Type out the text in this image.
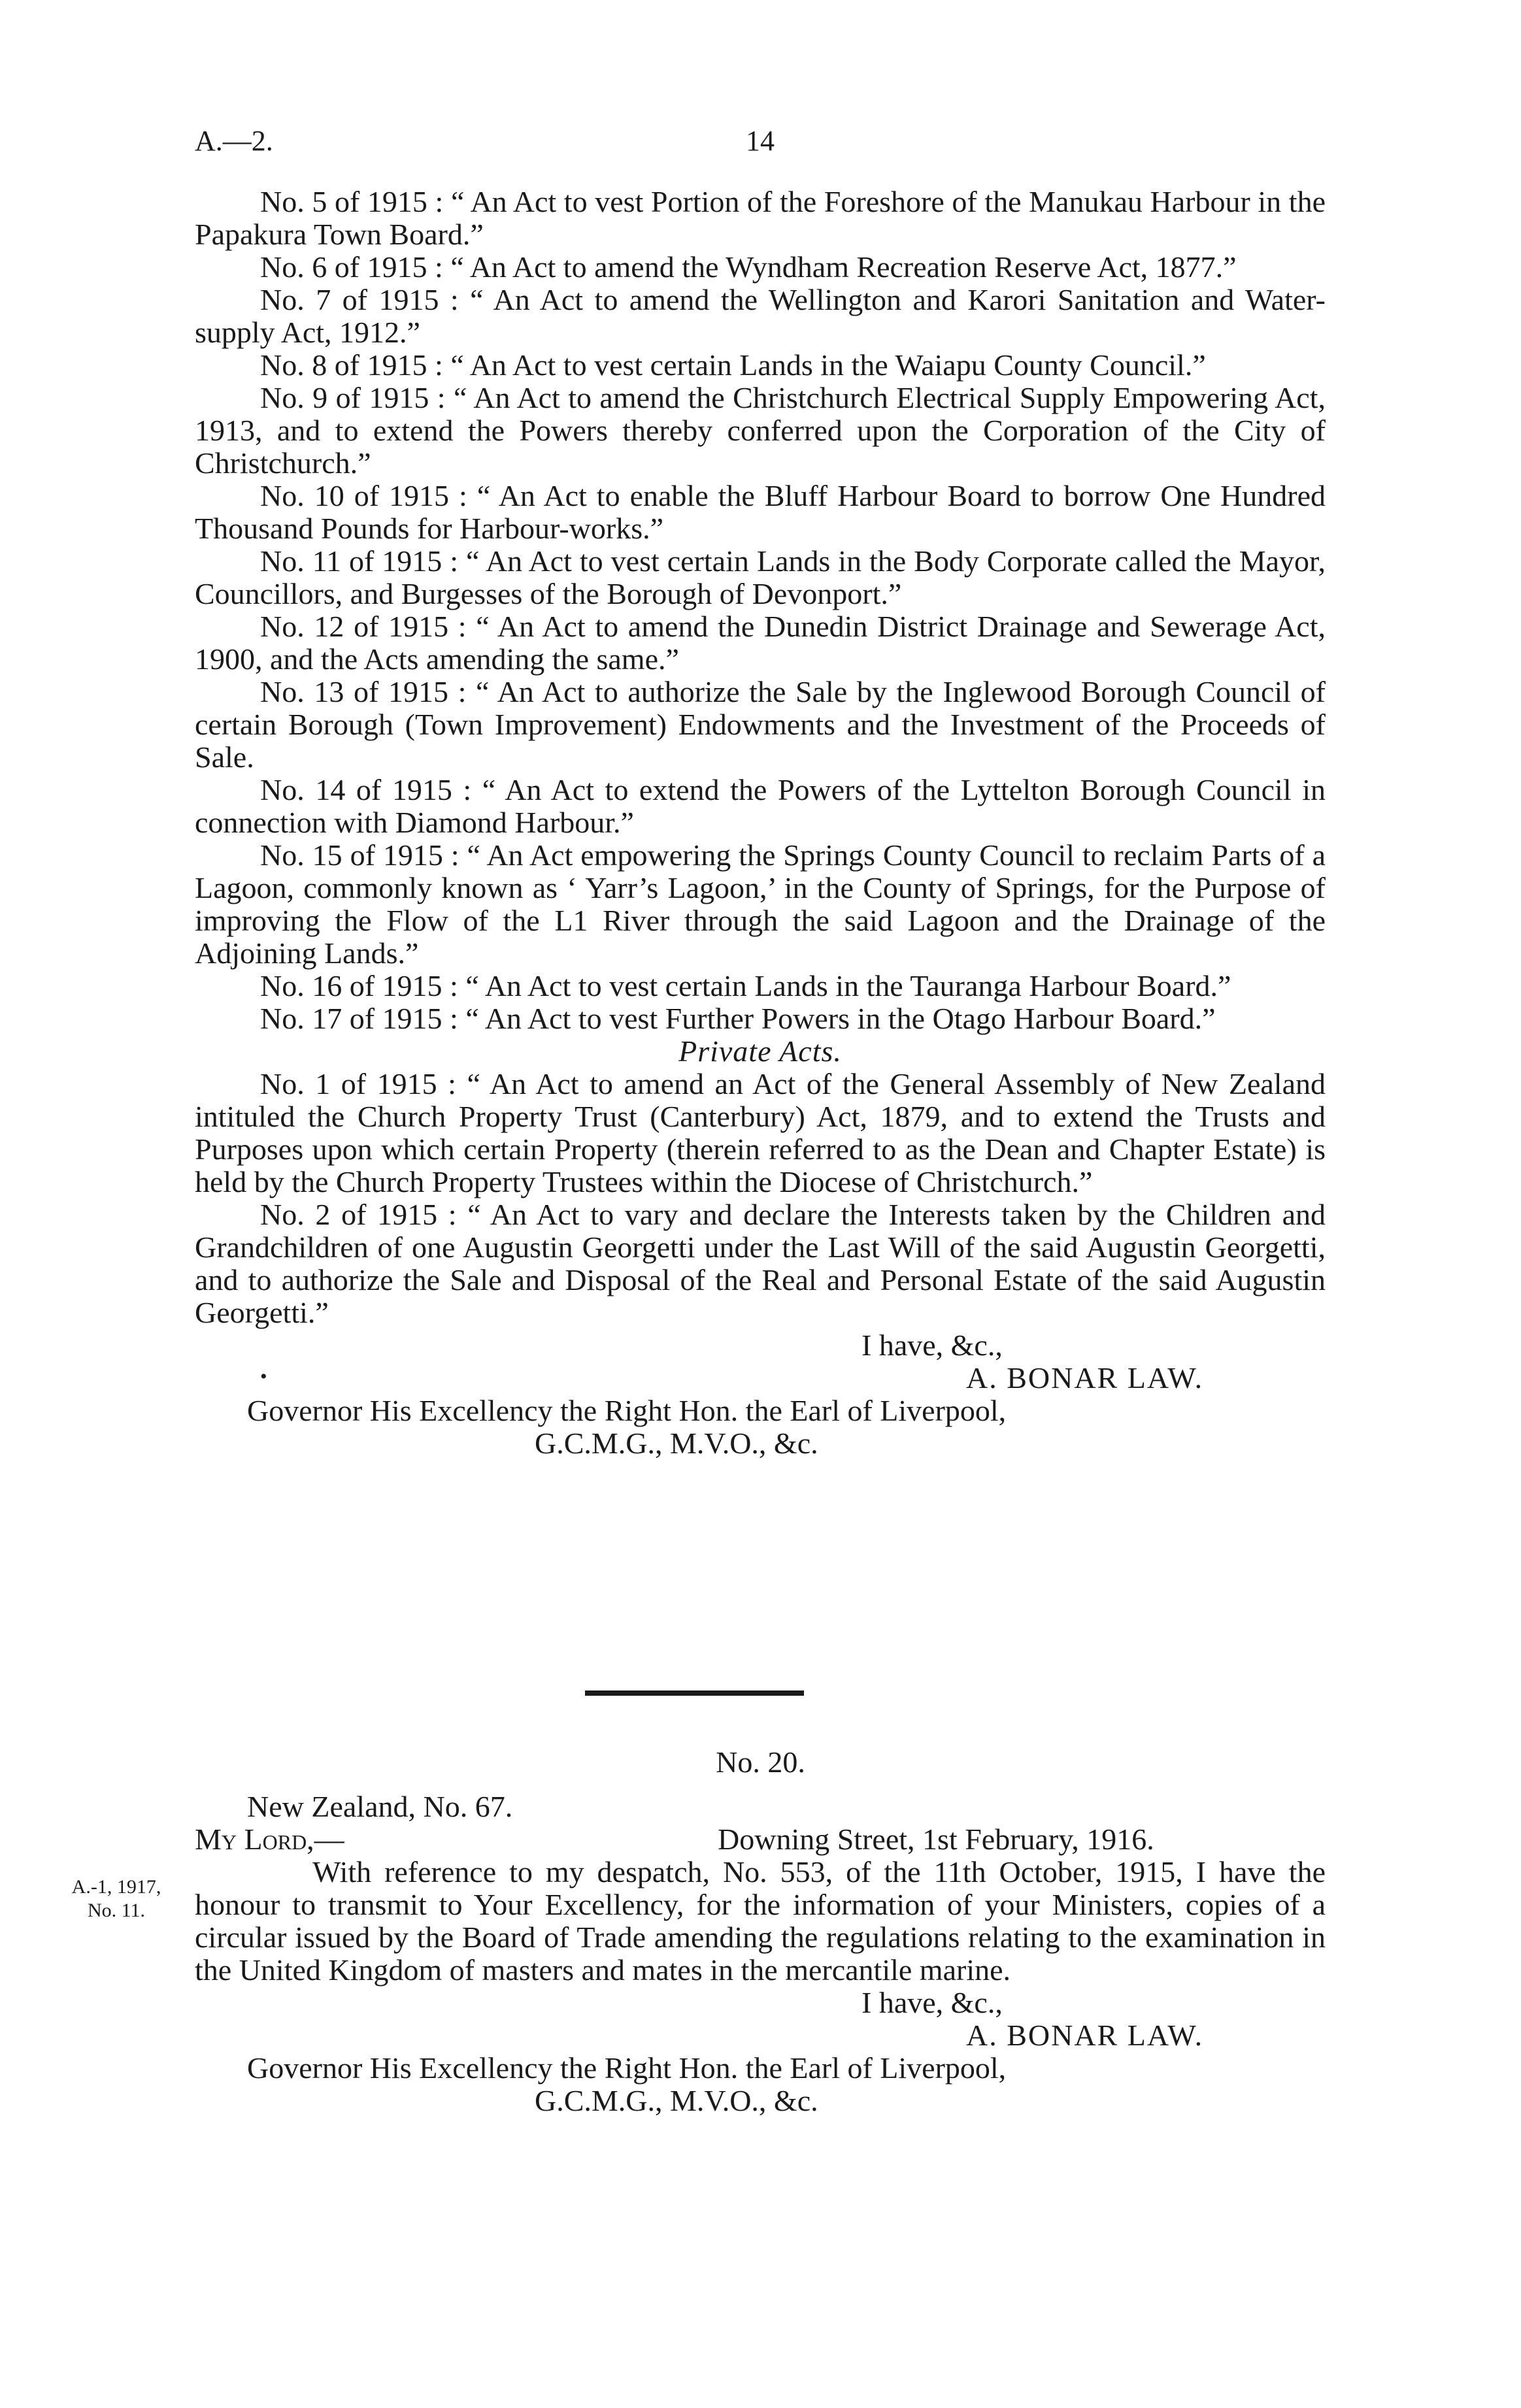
A.—2.	14

No. 5 of 1915 : “ An Act to vest Portion of the Foreshore of the Manukau Harbour in the Papakura Town Board.”

No. 6 of 1915 : “ An Act to amend the Wyndham Recreation Reserve Act, 1877.”

No. 7 of 1915 : “ An Act to amend the Wellington and Karori Sanitation and Water-supply Act, 1912.”

No. 8 of 1915 : “ An Act to vest certain Lands in the Waiapu County Council.”

No. 9 of 1915 : “ An Act to amend the Christchurch Electrical Supply Empowering Act, 1913, and to extend the Powers thereby conferred upon the Corporation of the City of Christchurch.”

No. 10 of 1915 : “ An Act to enable the Bluff Harbour Board to borrow One Hundred Thousand Pounds for Harbour-works.”

No. 11 of 1915 : “ An Act to vest certain Lands in the Body Corporate called the Mayor, Councillors, and Burgesses of the Borough of Devonport.”

No. 12 of 1915 : “ An Act to amend the Dunedin District Drainage and Sewerage Act, 1900, and the Acts amending the same.”

No. 13 of 1915 : “ An Act to authorize the Sale by the Inglewood Borough Council of certain Borough (Town Improvement) Endowments and the Investment of the Proceeds of Sale.

No. 14 of 1915 : “ An Act to extend the Powers of the Lyttelton Borough Council in connection with Diamond Harbour.”

No. 15 of 1915 : “ An Act empowering the Springs County Council to reclaim Parts of a Lagoon, commonly known as ‘ Yarr’s Lagoon,’ in the County of Springs, for the Purpose of improving the Flow of the L1 River through the said Lagoon and the Drainage of the Adjoining Lands.”

No. 16 of 1915 : “ An Act to vest certain Lands in the Tauranga Harbour Board.”

No. 17 of 1915 : “ An Act to vest Further Powers in the Otago Harbour Board.”

Private Acts.

No. 1 of 1915 : “ An Act to amend an Act of the General Assembly of New Zealand intituled the Church Property Trust (Canterbury) Act, 1879, and to extend the Trusts and Purposes upon which certain Property (therein referred to as the Dean and Chapter Estate) is held by the Church Property Trustees within the Diocese of Christchurch.”

No. 2 of 1915 : “ An Act to vary and declare the Interests taken by the Children and Grandchildren of one Augustin Georgetti under the Last Will of the said Augustin Georgetti, and to authorize the Sale and Disposal of the Real and Personal Estate of the said Augustin Georgetti.”

I have, &c.,

•	A. BONAR LAW.

Governor His Excellency the Right Hon. the Earl of Liverpool,

G.C.M.G., M.V.O., &c.

No. 20.
A.-1, 1917,
No. 11.
New Zealand, No. 67.
My Lord,—	Downing Street, 1st February, 1916.

With reference to my despatch, No. 553, of the 11th October, 1915, I have the honour to transmit to Your Excellency, for the information of your Ministers, copies of a circular issued by the Board of Trade amending the regulations relating to the examination in the United Kingdom of masters and mates in the mercantile marine.

I have, &c.,

A. BONAR LAW.

Governor His Excellency the Right Hon. the Earl of Liverpool,

G.C.M.G., M.V.O., &c.
